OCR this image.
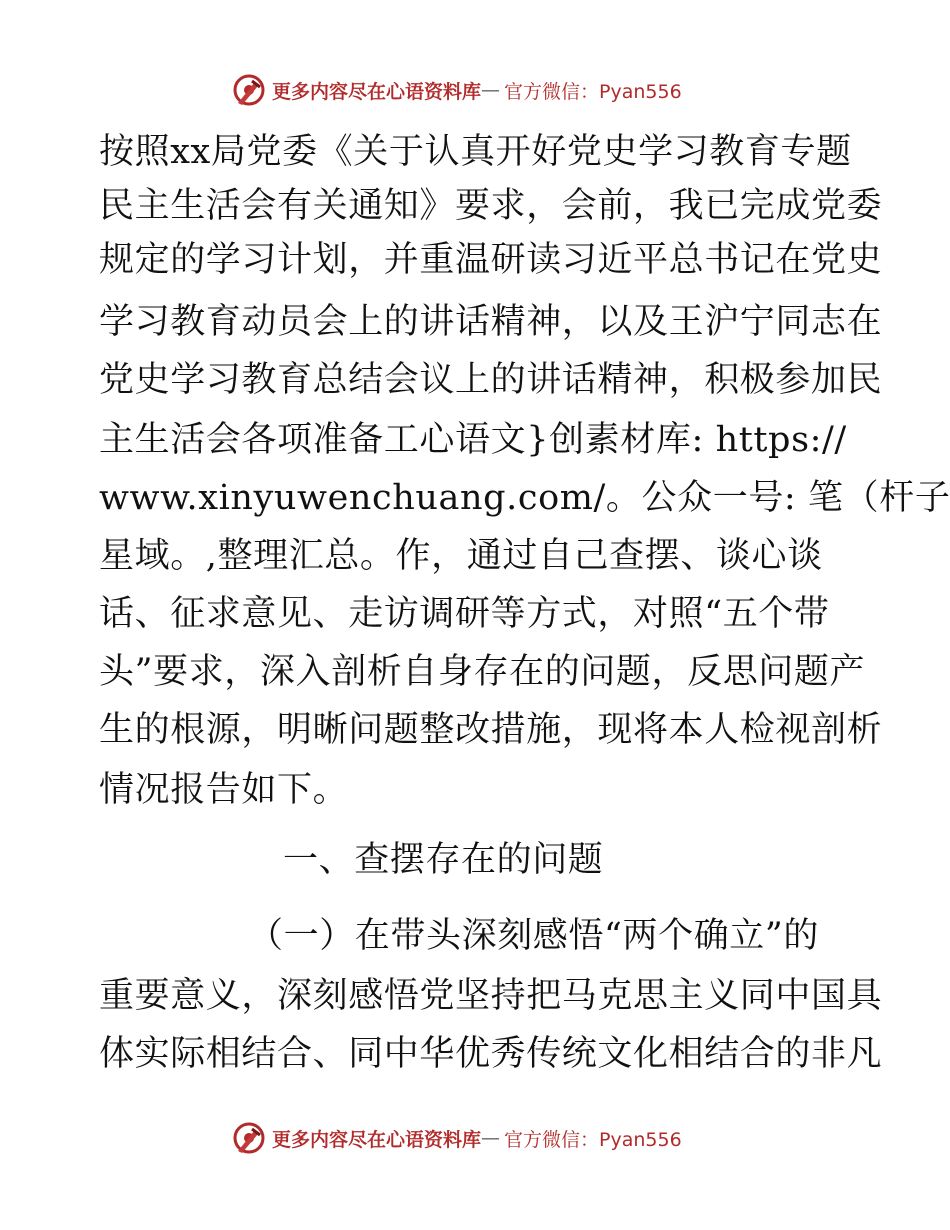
更多内容尽在心语资料库 — 官方微信：Pyan556
按照xx局党委《关于认真开好党史学习教育专题
民主生活会有关通知》要求，会前，我已完成党委
规定的学习计划，并重温研读习近平总书记在党史
学习教育动员会上的讲话精神，以及王沪宁同志在
党史学习教育总结会议上的讲话精神，积极参加民
主生活会各项准备工心语文}创素材库: https://
www.xinyuwenchuang.com/。公众一号: 笔（杆子
星域。,整理汇总。作，通过自己查摆、谈心谈
话、征求意见、走访调研等方式，对照“五个带
头”要求，深入剖析自身存在的问题，反思问题产
生的根源，明晰问题整改措施，现将本人检视剖析
情况报告如下。
一、查摆存在的问题
（一）在带头深刻感悟“两个确立”的
重要意义，深刻感悟党坚持把马克思主义同中国具
体实际相结合、同中华优秀传统文化相结合的非凡
更多内容尽在心语资料库 — 官方微信：Pyan556
